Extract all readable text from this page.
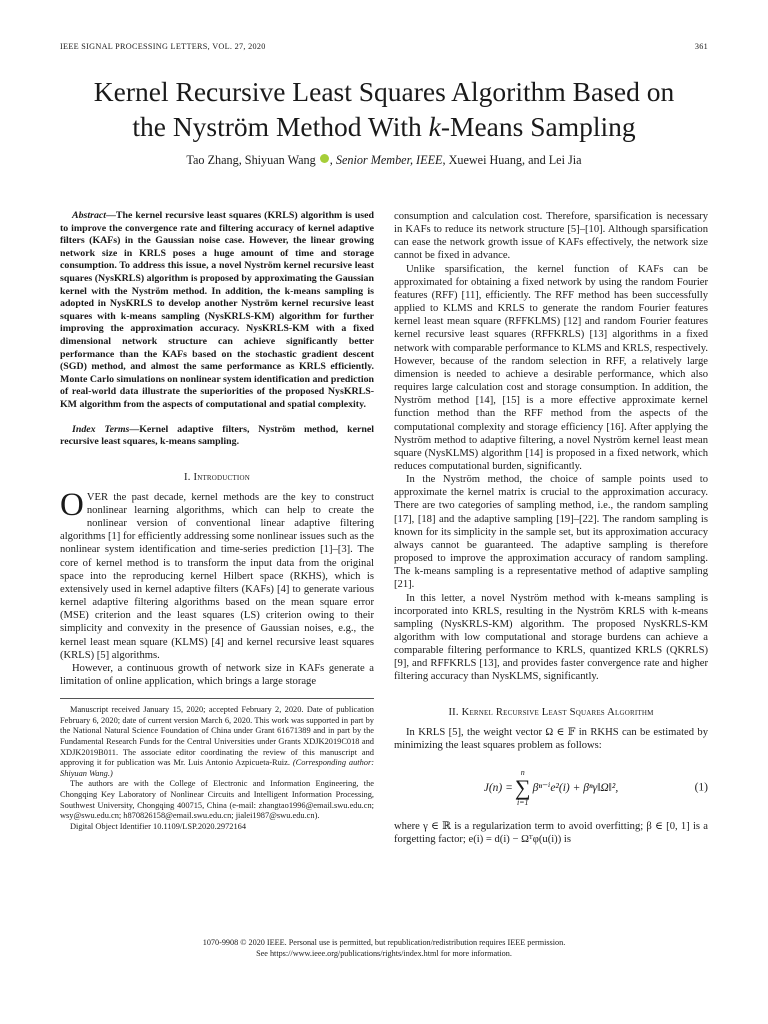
IEEE SIGNAL PROCESSING LETTERS, VOL. 27, 2020	361
Kernel Recursive Least Squares Algorithm Based on
the Nyström Method With k-Means Sampling
Tao Zhang, Shiyuan Wang , Senior Member, IEEE, Xuewei Huang, and Lei Jia

Abstract—The kernel recursive least squares (KRLS) algorithm is used to improve the convergence rate and filtering accuracy of kernel adaptive filters (KAFs) in the Gaussian noise case. However, the linear growing network size in KRLS poses a huge amount of time and storage consumption. To address this issue, a novel Nyström kernel recursive least squares (NysKRLS) algorithm is proposed by approximating the Gaussian kernel with the Nyström method. In addition, the k-means sampling is adopted in NysKRLS to develop another Nyström kernel recursive least squares with k-means sampling (NysKRLS-KM) algorithm for further improving the approximation accuracy. NysKRLS-KM with a fixed dimensional network structure can achieve significantly better performance than the KAFs based on the stochastic gradient descent (SGD) method, and almost the same performance as KRLS efficiently. Monte Carlo simulations on nonlinear system identification and prediction of real-world data illustrate the superiorities of the proposed NysKRLS-KM algorithm from the aspects of computational and spatial complexity.

Index Terms—Kernel adaptive filters, Nyström method, kernel recursive least squares, k-means sampling.

I. Introduction

OVER the past decade, kernel methods are the key to construct nonlinear learning algorithms, which can help to create the nonlinear version of conventional linear adaptive filtering algorithms [1] for efficiently addressing some nonlinear issues such as the nonlinear system identification and time-series prediction [1]–[3]. The core of kernel method is to transform the input data from the original space into the reproducing kernel Hilbert space (RKHS), which is extensively used in kernel adaptive filters (KAFs) [4] to generate various kernel adaptive filtering algorithms based on the mean square error (MSE) criterion and the least squares (LS) criterion owing to their simplicity and convexity in the presence of Gaussian noises, e.g., the kernel least mean square (KLMS) [4] and kernel recursive least squares (KRLS) [5] algorithms.

However, a continuous growth of network size in KAFs generate a limitation of online application, which brings a large storage

Manuscript received January 15, 2020; accepted February 2, 2020. Date of publication February 6, 2020; date of current version March 6, 2020. This work was supported in part by the National Natural Science Foundation of China under Grant 61671389 and in part by the Fundamental Research Funds for the Central Universities under Grants XDJK2019C018 and XDJK2019B011. The associate editor coordinating the review of this manuscript and approving it for publication was Mr. Luis Antonio Azpicueta-Ruiz. (Corresponding author: Shiyuan Wang.)

The authors are with the College of Electronic and Information Engineering, the Chongqing Key Laboratory of Nonlinear Circuits and Intelligent Information Processing, Southwest University, Chongqing 400715, China (e-mail: zhangtao1996@email.swu.edu.cn; wsy@swu.edu.cn; h870826158@email.swu.edu.cn; jialei1987@swu.edu.cn).

Digital Object Identifier 10.1109/LSP.2020.2972164

consumption and calculation cost. Therefore, sparsification is necessary in KAFs to reduce its network structure [5]–[10]. Although sparsification can ease the network growth issue of KAFs effectively, the network size cannot be fixed in advance.

Unlike sparsification, the kernel function of KAFs can be approximated for obtaining a fixed network by using the random Fourier features (RFF) [11], efficiently. The RFF method has been successfully applied to KLMS and KRLS to generate the random Fourier features kernel least mean square (RFFKLMS) [12] and random Fourier features kernel recursive least squares (RFFKRLS) [13] algorithms in a fixed network with comparable performance to KLMS and KRLS, respectively. However, because of the random selection in RFF, a relatively large dimension is needed to achieve a desirable performance, which also requires large calculation cost and storage consumption. In addition, the Nyström method [14], [15] is a more effective approximate kernel function method than the RFF method from the aspects of the computational complexity and storage efficiency [16]. After applying the Nyström method to adaptive filtering, a novel Nyström kernel least mean square (NysKLMS) algorithm [14] is proposed in a fixed network, which reduces computational burden, significantly.

In the Nyström method, the choice of sample points used to approximate the kernel matrix is crucial to the approximation accuracy. There are two categories of sampling method, i.e., the random sampling [17], [18] and the adaptive sampling [19]–[22]. The random sampling is known for its simplicity in the sample set, but its approximation accuracy always cannot be guaranteed. The adaptive sampling is therefore proposed to improve the approximation accuracy of random sampling. The k-means sampling is a representative method of adaptive sampling [21].

In this letter, a novel Nyström method with k-means sampling is incorporated into KRLS, resulting in the Nyström KRLS with k-means sampling (NysKRLS-KM) algorithm. The proposed NysKRLS-KM algorithm with low computational and storage burdens can achieve a comparable filtering performance to KRLS, quantized KRLS (QKRLS) [9], and RFFKRLS [13], and provides faster convergence rate and higher filtering accuracy than NysKLMS, significantly.

II. Kernel Recursive Least Squares Algorithm

In KRLS [5], the weight vector Ω ∈ 𝔽 in RKHS can be estimated by minimizing the least squares problem as follows:

J(n) =
n
∑
i=1
βⁿ⁻ⁱe²(i) + βⁿγ‖Ω‖²,	(1)

where γ ∈ ℝ is a regularization term to avoid overfitting; β ∈ [0, 1] is a forgetting factor; e(i) = d(i) − Ωᵀφ(u(i)) is

1070-9908 © 2020 IEEE. Personal use is permitted, but republication/redistribution requires IEEE permission.
See https://www.ieee.org/publications/rights/index.html for more information.
